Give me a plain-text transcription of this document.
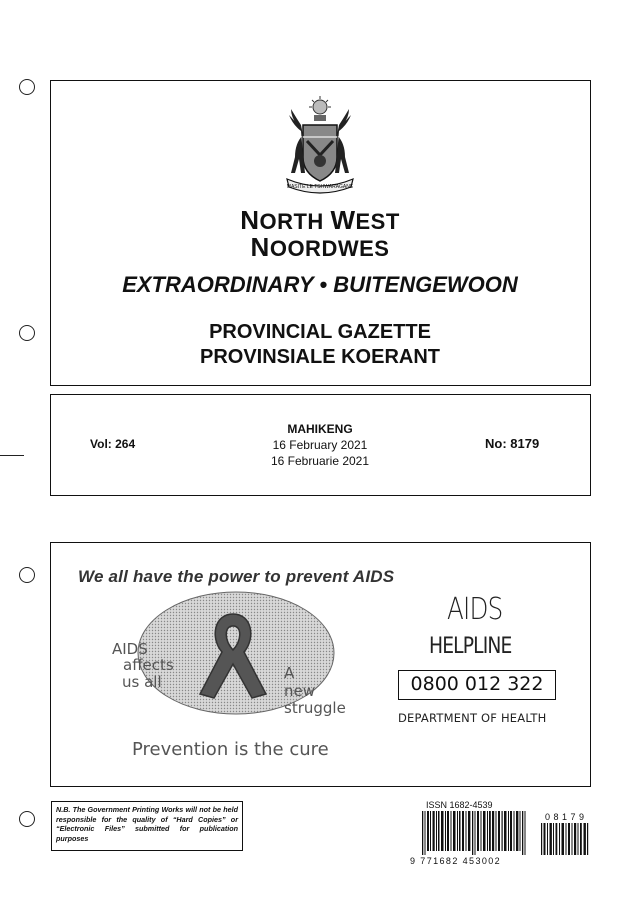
MASITE LE TSHWARAGANE
NORTH WEST
NOORDWES
EXTRAORDINARY • BUITENGEWOON
PROVINCIAL GAZETTE
PROVINSIALE KOERANT
Vol: 264
MAHIKENG
16 February 2021
16 Februarie 2021
No: 8179
We all have the power to prevent AIDS
AIDS
affects
us all	A
new
struggle
Prevention is the cure
AIDS
HELPLINE
0800 012 322
DEPARTMENT OF HEALTH
N.B. The Government Printing Works will not be held responsible for the quality of “Hard Copies” or “Electronic Files” submitted for publication purposes
ISSN 1682-4539
9 771682 453002
0 8 1 7 9
